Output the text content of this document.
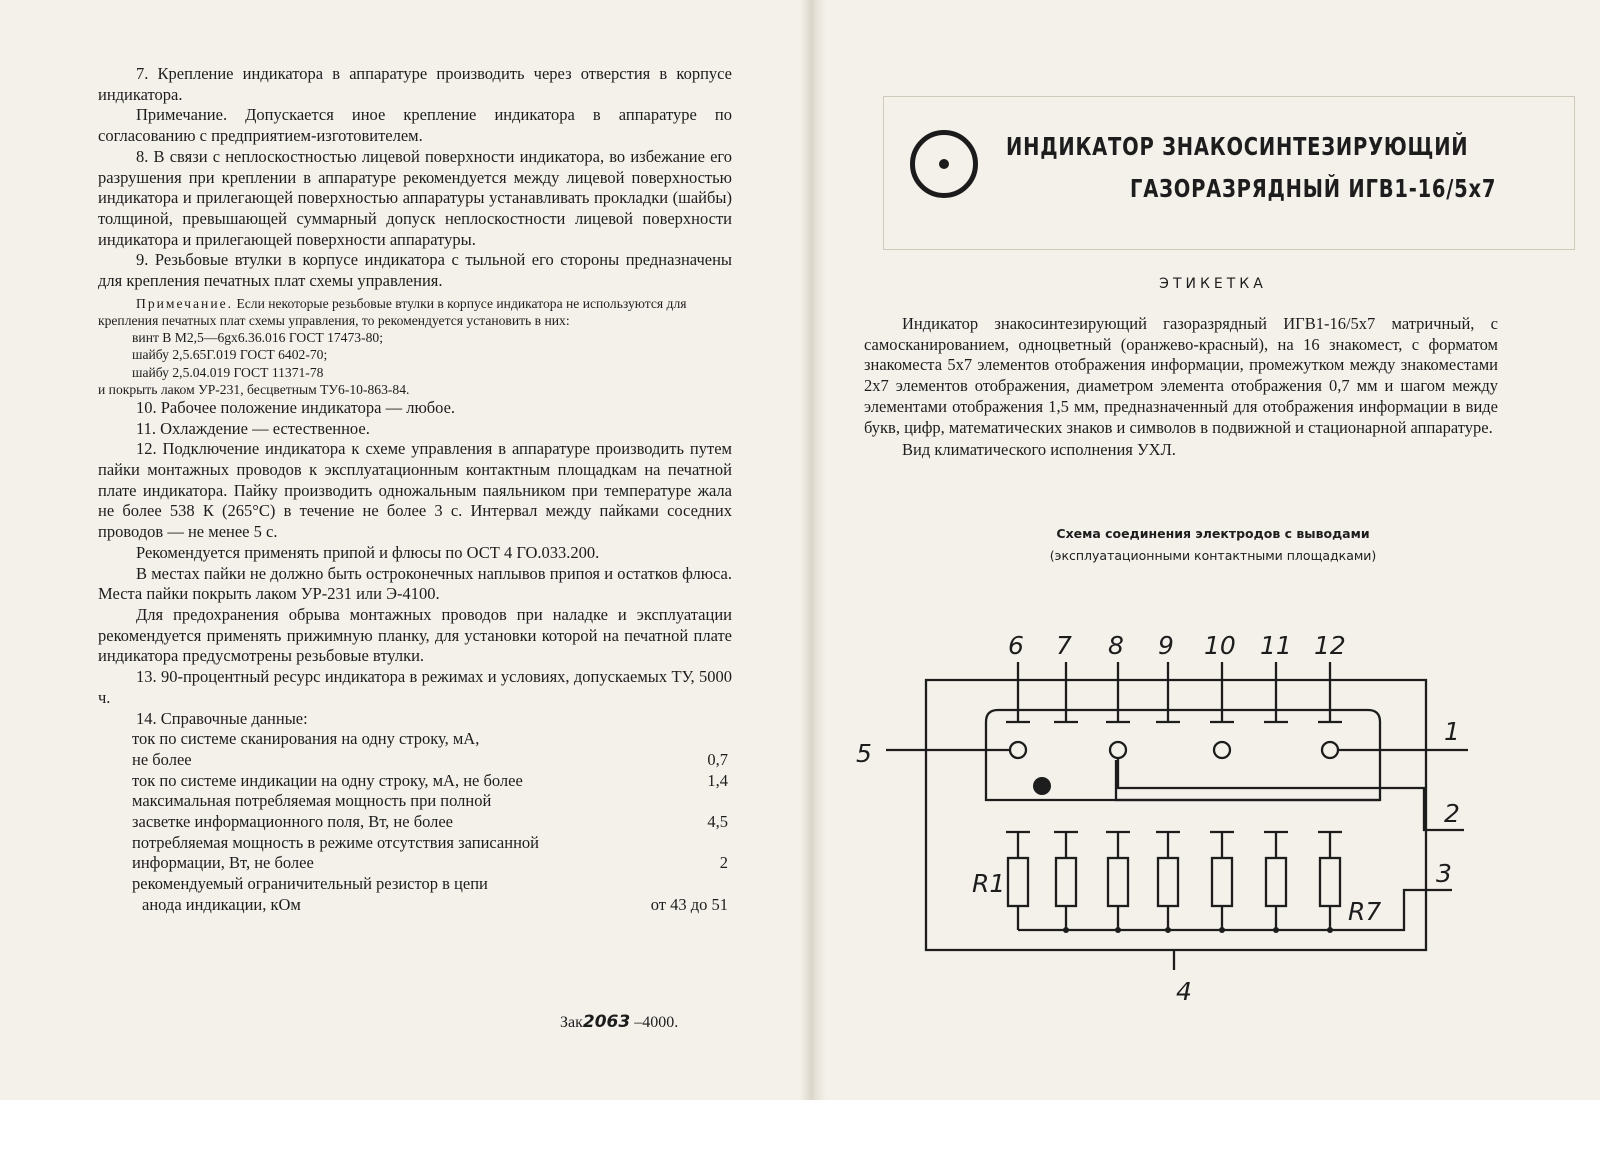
7. Крепление индикатора в аппаратуре производить через отверстия в корпусе индикатора.

Примечание. Допускается иное крепление индикатора в аппаратуре по согласованию с предприятием-изготовителем.

8. В связи с неплоскостностью лицевой поверхности индикатора, во избежание его разрушения при креплении в аппаратуре рекомендуется между лицевой поверхностью индикатора и прилегающей поверхностью аппаратуры устанавливать прокладки (шайбы) толщиной, превышающей суммарный допуск неплоскостности лицевой поверхности индикатора и прилегающей поверхности аппаратуры.

9. Резьбовые втулки в корпусе индикатора с тыльной его стороны предназначены для крепления печатных плат схемы управления.

Примечание. Если некоторые резьбовые втулки в корпусе индикатора не используются для крепления печатных плат схемы управления, то рекомендуется установить в них:

винт В М2,5—6gх6.36.016 ГОСТ 17473-80;

шайбу 2,5.65Г.019 ГОСТ 6402-70;

шайбу 2,5.04.019 ГОСТ 11371-78

и покрыть лаком УР-231, бесцветным ТУ6-10-863-84.

10. Рабочее положение индикатора — любое.

11. Охлаждение — естественное.

12. Подключение индикатора к схеме управления в аппаратуре производить путем пайки монтажных проводов к эксплуатационным контактным площадкам на печатной плате индикатора. Пайку производить одножальным паяльником при температуре жала не более 538 К (265°С) в течение не более 3 с. Интервал между пайками соседних проводов — не менее 5 с.

Рекомендуется применять припой и флюсы по ОСТ 4 ГО.033.200.

В местах пайки не должно быть остроконечных наплывов припоя и остатков флюса. Места пайки покрыть лаком УР-231 или Э-4100.

Для предохранения обрыва монтажных проводов при наладке и эксплуатации рекомендуется применять прижимную планку, для установки которой на печатной плате индикатора предусмотрены резьбовые втулки.

13. 90-процентный ресурс индикатора в режимах и условиях, допускаемых ТУ, 5000 ч.

14. Справочные данные:

ток по системе сканирования на одну строку, мА,
не более	0,7
ток по системе индикации на одну строку, мА, не более	1,4
максимальная потребляемая мощность при полной
засветке информационного поля, Вт, не более	4,5
потребляемая мощность в режиме отсутствия записанной
информации, Вт, не более	2
рекомендуемый ограничительный резистор в цепи
анода индикации, кОм	от 43 до 51
Зак2063 –4000.
ИНДИКАТОР ЗНАКОСИНТЕЗИРУЮЩИЙ
ГАЗОРАЗРЯДНЫЙ ИГВ1-16/5х7
ЭТИКЕТКА

Индикатор знакосинтезирующий газоразрядный ИГВ1-16/5х7 матричный, с самосканированием, одноцветный (оранжево-красный), на 16 знакомест, с форматом знакоместа 5х7 элементов отображения информации, промежутком между знакоместами 2х7 элементов отображения, диаметром элемента отображения 0,7 мм и шагом между элементами отображения 1,5 мм, предназначенный для отображения информации в виде букв, цифр, математических знаков и символов в подвижной и стационарной аппаратуре.

Вид климатического исполнения УХЛ.

Схема соединения электродов с выводами
(эксплуатационными контактными площадками)
6 7 8 9 10 11 12
5
1
2
3
4
R1
R7
